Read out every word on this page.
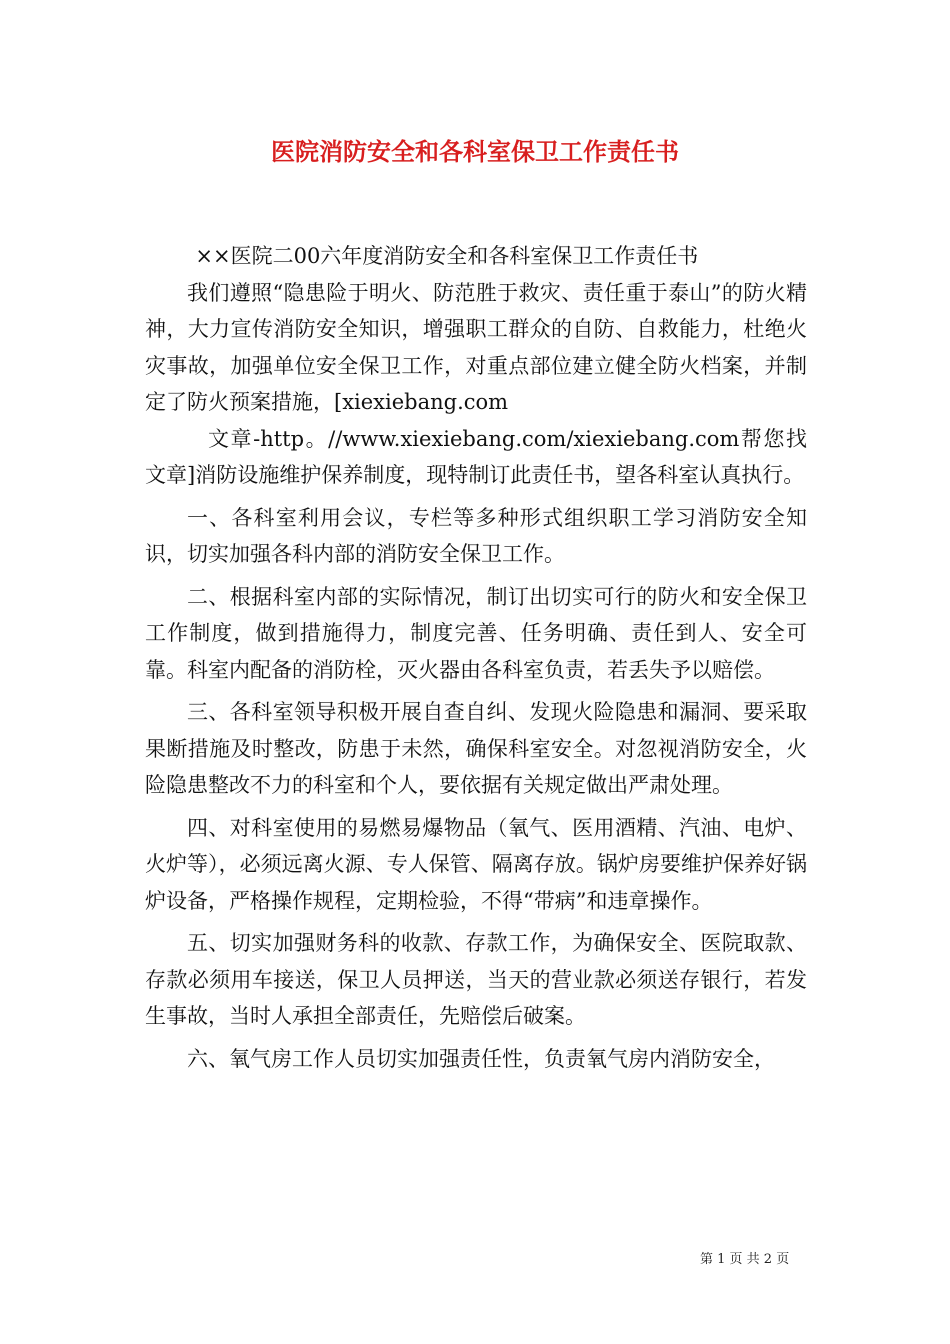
医院消防安全和各科室保卫工作责任书

××医院二00六年度消防安全和各科室保卫工作责任书

我们遵照“隐患险于明火、防范胜于救灾、责任重于泰山”的防火精神，大力宣传消防安全知识，增强职工群众的自防、自救能力，杜绝火灾事故，加强单位安全保卫工作，对重点部位建立健全防火档案，并制定了防火预案措施，[xiexiebang.com

文章-http。//www.xiexiebang.com/xiexiebang.com帮您找文章]消防设施维护保养制度，现特制订此责任书，望各科室认真执行。

一、各科室利用会议，专栏等多种形式组织职工学习消防安全知识，切实加强各科内部的消防安全保卫工作。

二、根据科室内部的实际情况，制订出切实可行的防火和安全保卫工作制度，做到措施得力，制度完善、任务明确、责任到人、安全可靠。科室内配备的消防栓，灭火器由各科室负责，若丢失予以赔偿。

三、各科室领导积极开展自查自纠、发现火险隐患和漏洞、要采取果断措施及时整改，防患于未然，确保科室安全。对忽视消防安全，火险隐患整改不力的科室和个人，要依据有关规定做出严肃处理。

四、对科室使用的易燃易爆物品（氧气、医用酒精、汽油、电炉、火炉等），必须远离火源、专人保管、隔离存放。锅炉房要维护保养好锅炉设备，严格操作规程，定期检验，不得“带病”和违章操作。

五、切实加强财务科的收款、存款工作，为确保安全、医院取款、存款必须用车接送，保卫人员押送，当天的营业款必须送存银行，若发生事故，当时人承担全部责任，先赔偿后破案。

六、氧气房工作人员切实加强责任性，负责氧气房内消防安全，

第 1 页 共 2 页
